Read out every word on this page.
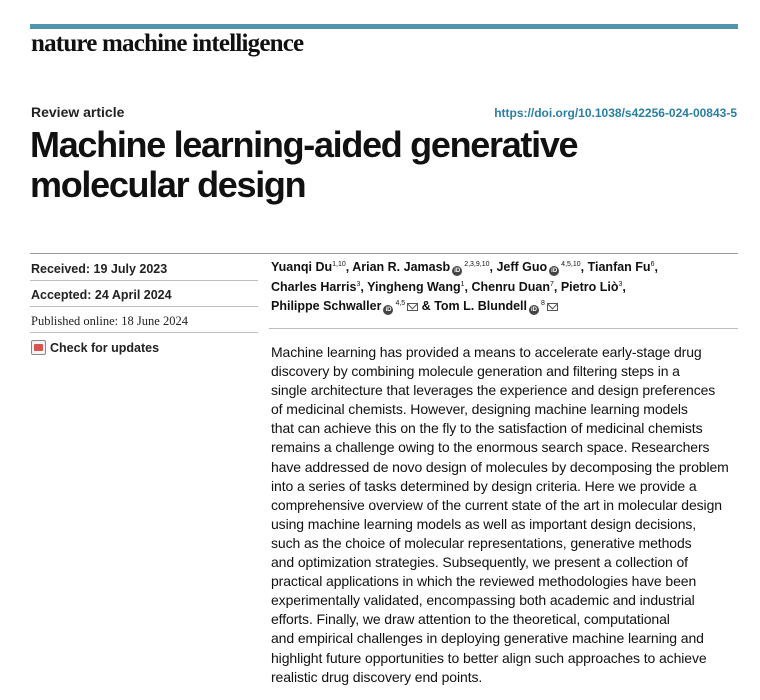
nature machine intelligence
Review article	https://doi.org/10.1038/s42256-024-00843-5
Machine learning-aided generative
molecular design
Received: 19 July 2023
Accepted: 24 April 2024
Published online: 18 June 2024
Check for updates
Yuanqi Du$^{1,10}$, Arian R. Jamasb iD$^{2,3,9,10}$, Jeff Guo iD$^{4,5,10}$, Tianfan Fu$^6$,
Charles Harris$^3$, Yingheng Wang$^1$, Chenru Duan$^7$, Pietro Liò$^3$,
Philippe Schwaller iD$^{4,5}$ & Tom L. Blundell $iD^8$
Machine learning has provided a means to accelerate early-stage drug
discovery by combining molecule generation and filtering steps in a
single architecture that leverages the experience and design preferences
of medicinal chemists. However, designing machine learning models
that can achieve this on the fly to the satisfaction of medicinal chemists
remains a challenge owing to the enormous search space. Researchers
have addressed de novo design of molecules by decomposing the problem
into a series of tasks determined by design criteria. Here we provide a
comprehensive overview of the current state of the art in molecular design
using machine learning models as well as important design decisions,
such as the choice of molecular representations, generative methods
and optimization strategies. Subsequently, we present a collection of
practical applications in which the reviewed methodologies have been
experimentally validated, encompassing both academic and industrial
efforts. Finally, we draw attention to the theoretical, computational
and empirical challenges in deploying generative machine learning and
highlight future opportunities to better align such approaches to achieve
realistic drug discovery end points.
